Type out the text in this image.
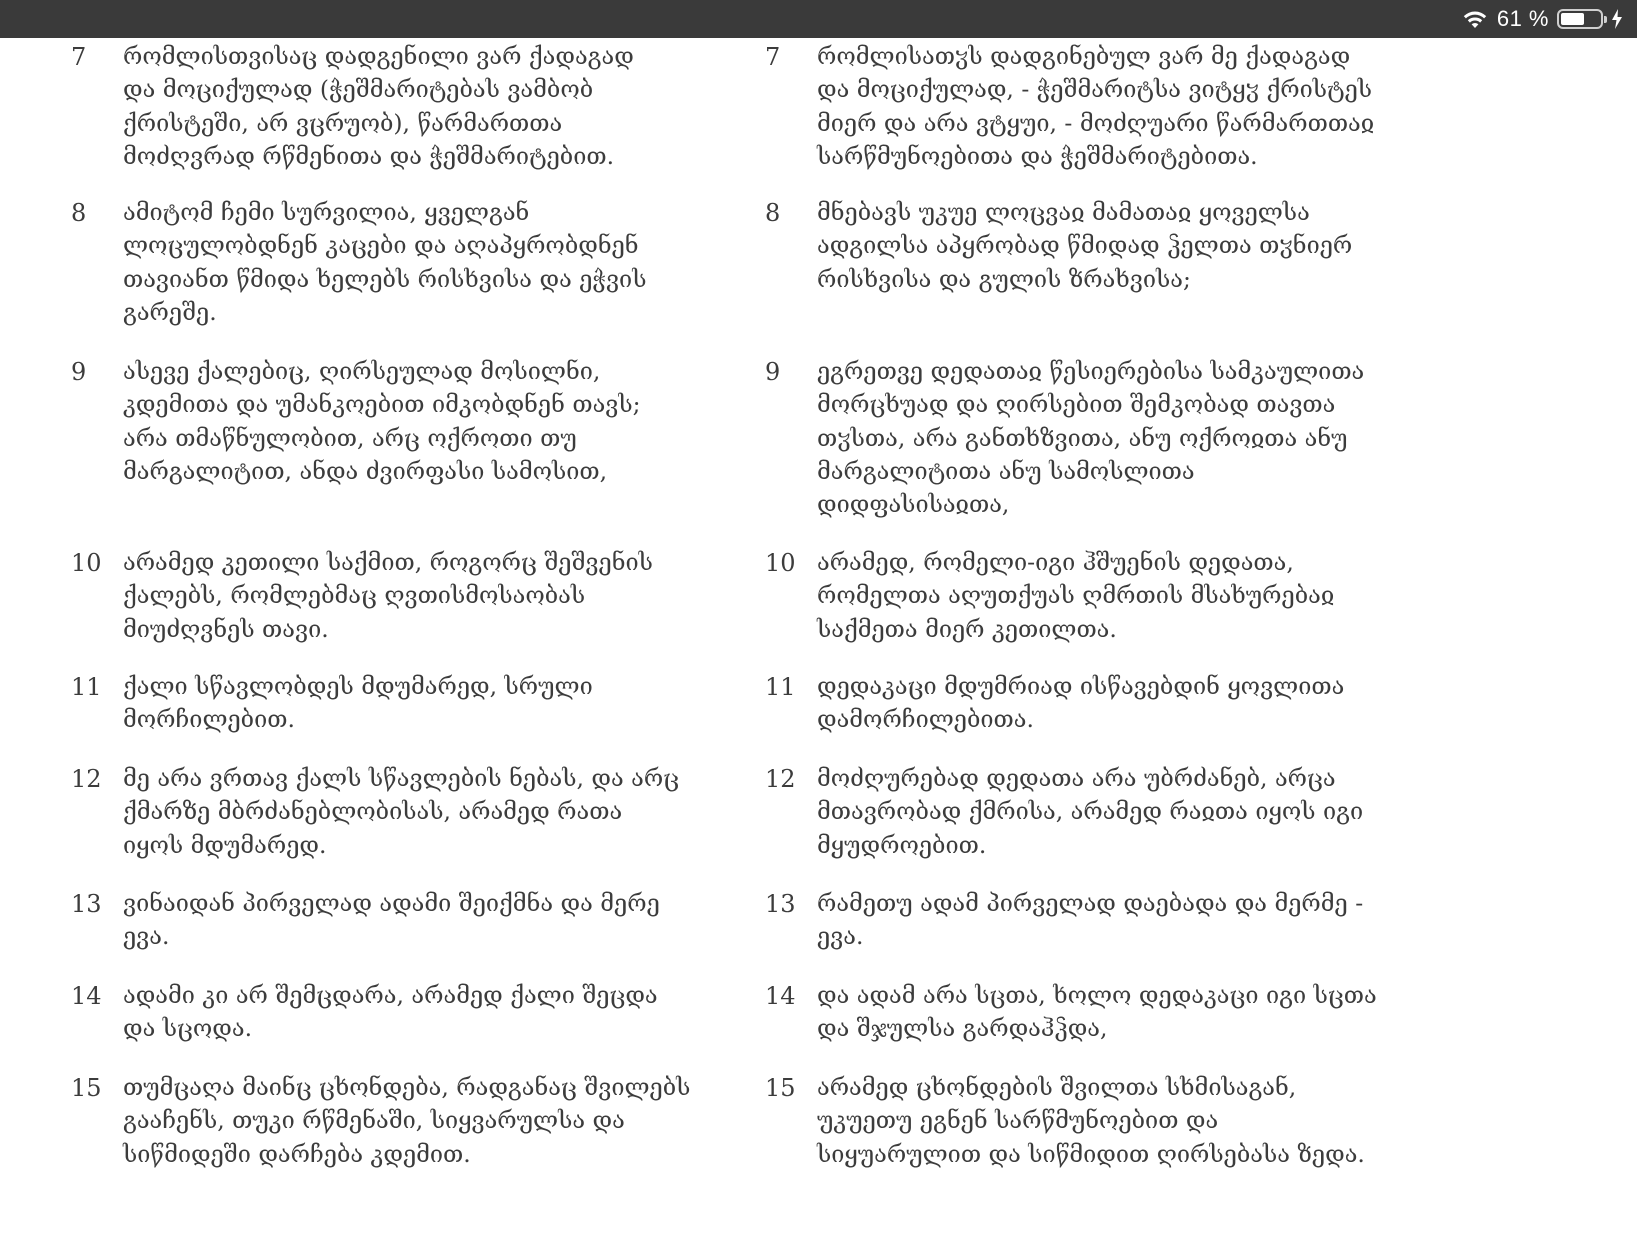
61 %
7 რომლისთვისაც დადგენილი ვარ ქადაგად
და მოციქულად (ჭეშმარიტებას ვამბობ
ქრისტეში, არ ვცრუობ), წარმართთა
მოძღვრად რწმენითა და ჭეშმარიტებით.
7 რომლისათჳს დადგინებულ ვარ მე ქადაგად
და მოციქულად, - ჭეშმარიტსა ვიტყჳ ქრისტეს
მიერ და არა ვტყუი, - მოძღუარი წარმართთაჲ
სარწმუნოებითა და ჭეშმარიტებითა.
8 ამიტომ ჩემი სურვილია, ყველგან
ლოცულობდნენ კაცები და აღაპყრობდნენ
თავიანთ წმიდა ხელებს რისხვისა და ეჭვის
გარეშე.
8 მნებავს უკუე ლოცვაჲ მამათაჲ ყოველსა
ადგილსა აპყრობად წმიდად ჴელთა თჳნიერ
რისხვისა და გულის ზრახვისა;
9 ასევე ქალებიც, ღირსეულად მოსილნი,
კდემითა და უმანკოებით იმკობდნენ თავს;
არა თმაწნულობით, არც ოქროთი თუ
მარგალიტით, ანდა ძვირფასი სამოსით,
9 ეგრეთვე დედათაჲ წესიერებისა სამკაულითა
მორცხუად და ღირსებით შემკობად თავთა
თჳსთა, არა განთხზვითა, ანუ ოქროჲთა ანუ
მარგალიტითა ანუ სამოსლითა
დიდფასისაჲთა,
10 არამედ კეთილი საქმით, როგორც შეშვენის
ქალებს, რომლებმაც ღვთისმოსაობას
მიუძღვნეს თავი.
10 არამედ, რომელი-იგი ჰშუენის დედათა,
რომელთა აღუთქუას ღმრთის მსახურებაჲ
საქმეთა მიერ კეთილთა.
11 ქალი სწავლობდეს მდუმარედ, სრული
მორჩილებით.
11 დედაკაცი მდუმრიად ისწავებდინ ყოვლითა
დამორჩილებითა.
12 მე არა ვრთავ ქალს სწავლების ნებას, და არც
ქმარზე მბრძანებლობისას, არამედ რათა
იყოს მდუმარედ.
12 მოძღურებად დედათა არა უბრძანებ, არცა
მთავრობად ქმრისა, არამედ რაჲთა იყოს იგი
მყუდროებით.
13 ვინაიდან პირველად ადამი შეიქმნა და მერე
ევა.
13 რამეთუ ადამ პირველად დაებადა და მერმე -
ევა.
14 ადამი კი არ შემცდარა, არამედ ქალი შეცდა
და სცოდა.
14 და ადამ არა სცთა, ხოლო დედაკაცი იგი სცთა
და შჯულსა გარდაჰჴდა,
15 თუმცაღა მაინც ცხონდება, რადგანაც შვილებს
გააჩენს, თუკი რწმენაში, სიყვარულსა და
სიწმიდეში დარჩება კდემით.
15 არამედ ცხონდების შვილთა სხმისაგან,
უკუეთუ ეგნენ სარწმუნოებით და
სიყუარულით და სიწმიდით ღირსებასა ზედა.
